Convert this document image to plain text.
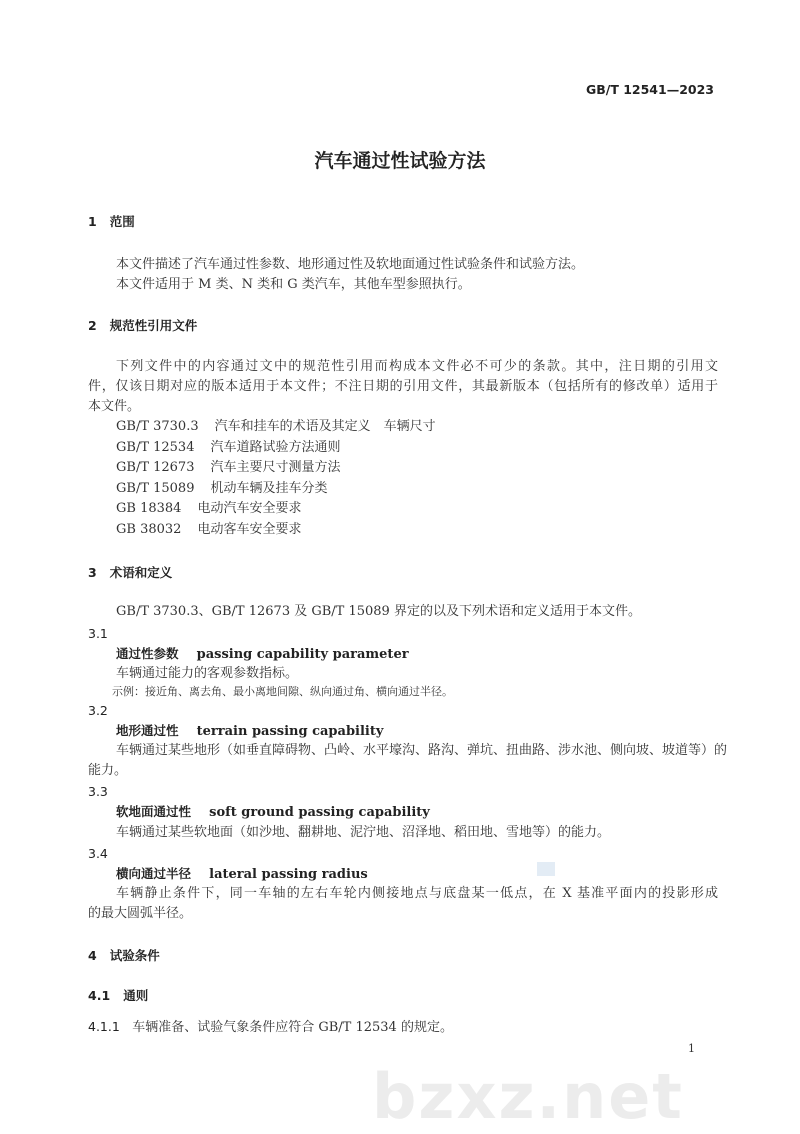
GB/T 12541—2023
汽车通过性试验方法
1 范围
本文件描述了汽车通过性参数、地形通过性及软地面通过性试验条件和试验方法。
本文件适用于 M 类、N 类和 G 类汽车，其他车型参照执行。
2 规范性引用文件
下列文件中的内容通过文中的规范性引用而构成本文件必不可少的条款。其中，注日期的引用文
件，仅该日期对应的版本适用于本文件；不注日期的引用文件，其最新版本（包括所有的修改单）适用于
本文件。
GB/T 3730.3 汽车和挂车的术语及其定义　车辆尺寸
GB/T 12534 汽车道路试验方法通则
GB/T 12673 汽车主要尺寸测量方法
GB/T 15089 机动车辆及挂车分类
GB 18384 电动汽车安全要求
GB 38032 电动客车安全要求
3 术语和定义
GB/T 3730.3、GB/T 12673 及 GB/T 15089 界定的以及下列术语和定义适用于本文件。
3.1
通过性参数 passing capability parameter
车辆通过能力的客观参数指标。
示例：接近角、离去角、最小离地间隙、纵向通过角、横向通过半径。
3.2
地形通过性 terrain passing capability
车辆通过某些地形（如垂直障碍物、凸岭、水平壕沟、路沟、弹坑、扭曲路、涉水池、侧向坡、坡道等）的
能力。
3.3
软地面通过性 soft ground passing capability
车辆通过某些软地面（如沙地、翻耕地、泥泞地、沼泽地、稻田地、雪地等）的能力。
3.4
横向通过半径 lateral passing radius
车辆静止条件下，同一车轴的左右车轮内侧接地点与底盘某一低点，在 X 基准平面内的投影形成
的最大圆弧半径。
4 试验条件
4.1 通则
4.1.1 车辆准备、试验气象条件应符合 GB/T 12534 的规定。
1
bzxz.net
